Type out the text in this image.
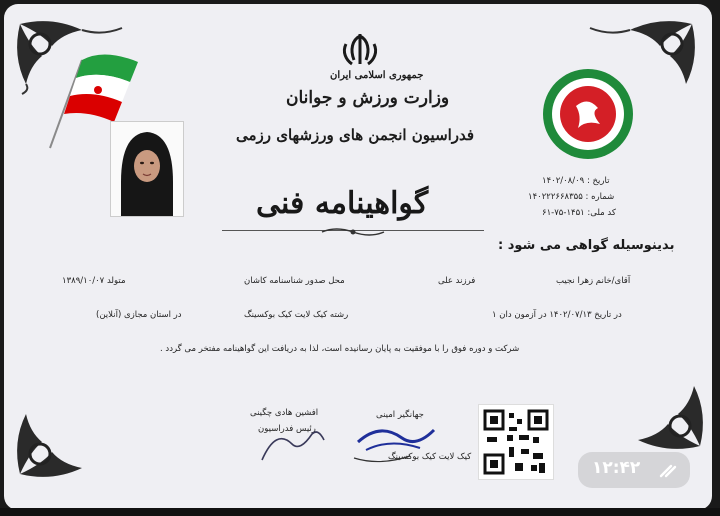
جمهوری اسلامی ایران
وزارت ورزش و جوانان
فدراسیون انجمن های ورزشهای رزمی
تاریخ : ۱۴۰۲/۰۸/۰۹
شماره : ۱۴۰۲۲۲۶۶۸۳۵۵
کد ملی: ۱۴۵۱-۷۵-۶۱
گواهینامه فنی
بدینوسیله گواهی می شود :
آقای/خانم زهرا نجیب
فرزند علی
محل صدور شناسنامه کاشان
متولد ۱۳۸۹/۱۰/۰۷
در تاریخ ۱۴۰۲/۰۷/۱۳ در آزمون دان ۱
رشته کیک لایت کیک بوکسینگ
در استان مجازی (آنلاین)
شرکت و دوره فوق را با موفقیت به پایان رسانیده است، لذا به دریافت این گواهینامه مفتخر می گردد .
افشین هادی چگینی
رئیس فدراسیون
جهانگیر امینی
کیک لایت کیک بوکسینگ
۱۲:۴۲
